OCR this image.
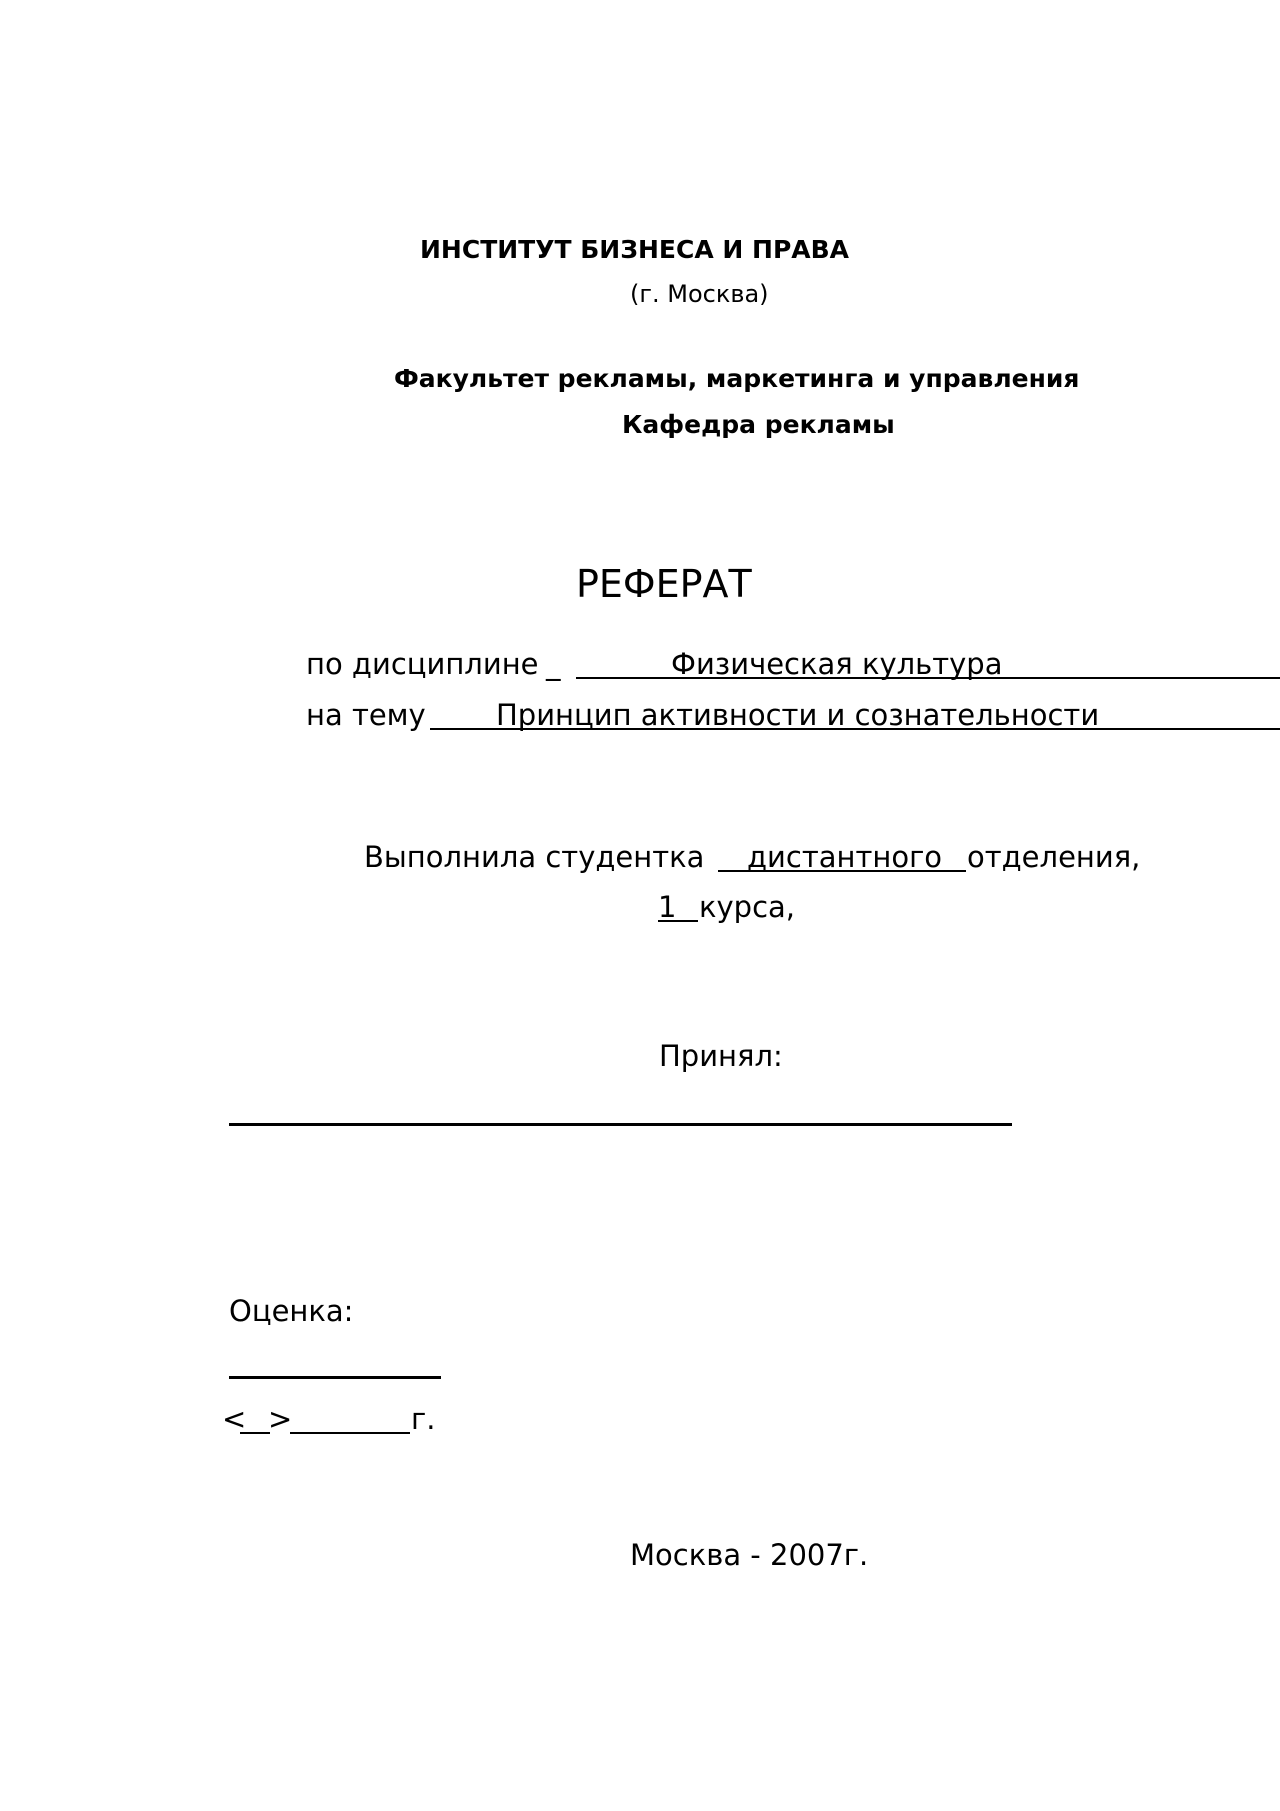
ИНСТИТУТ БИЗНЕСА И ПРАВА
(г. Москва)
Факультет рекламы, маркетинга и управления
Кафедра рекламы
РЕФЕРАТ
по дисциплине _	Физическая культура
на тему Принцип активности и сознательности
Выполнила студентка дистантного отделения,
1 курса,
Принял:
Оценка:
< >	г.
Москва - 2007г.
